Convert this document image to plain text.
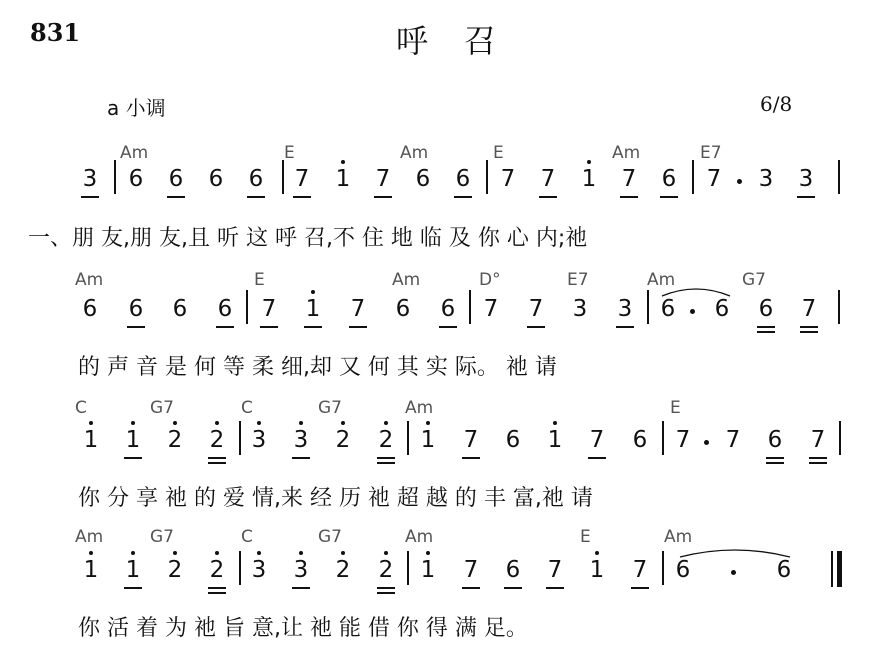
831	呼召
a 小调	6/8
Am	E	Am	E	Am	E7
3 6 6 6 6 7 1 7 6 6 7 7 1 7 6 7 3 3
一、朋 友,朋 友,且 听 这 呼 召,不 住 地 临 及 你 心 内;祂
Am	E	Am	D°	E7	Am	G7
6 6 6 6 7 1 7 6 6 7 7 3 3 6 6 6 7
的 声 音 是 何 等 柔 细,却 又 何 其 实 际。 祂 请
C	G7	C	G7	Am	E
1 1 2 2 3 3 2 2 1 7 6 1 7 6 7 7 6 7
你 分 享 祂 的 爱 情,来 经 历 祂 超 越 的 丰 富,祂 请
Am	G7	C	G7	Am	E	Am
1 1 2 2 3 3 2 2 1 7 6 7 1 7 6	6
你 活 着 为 祂 旨 意,让 祂 能 借 你 得 满 足。
